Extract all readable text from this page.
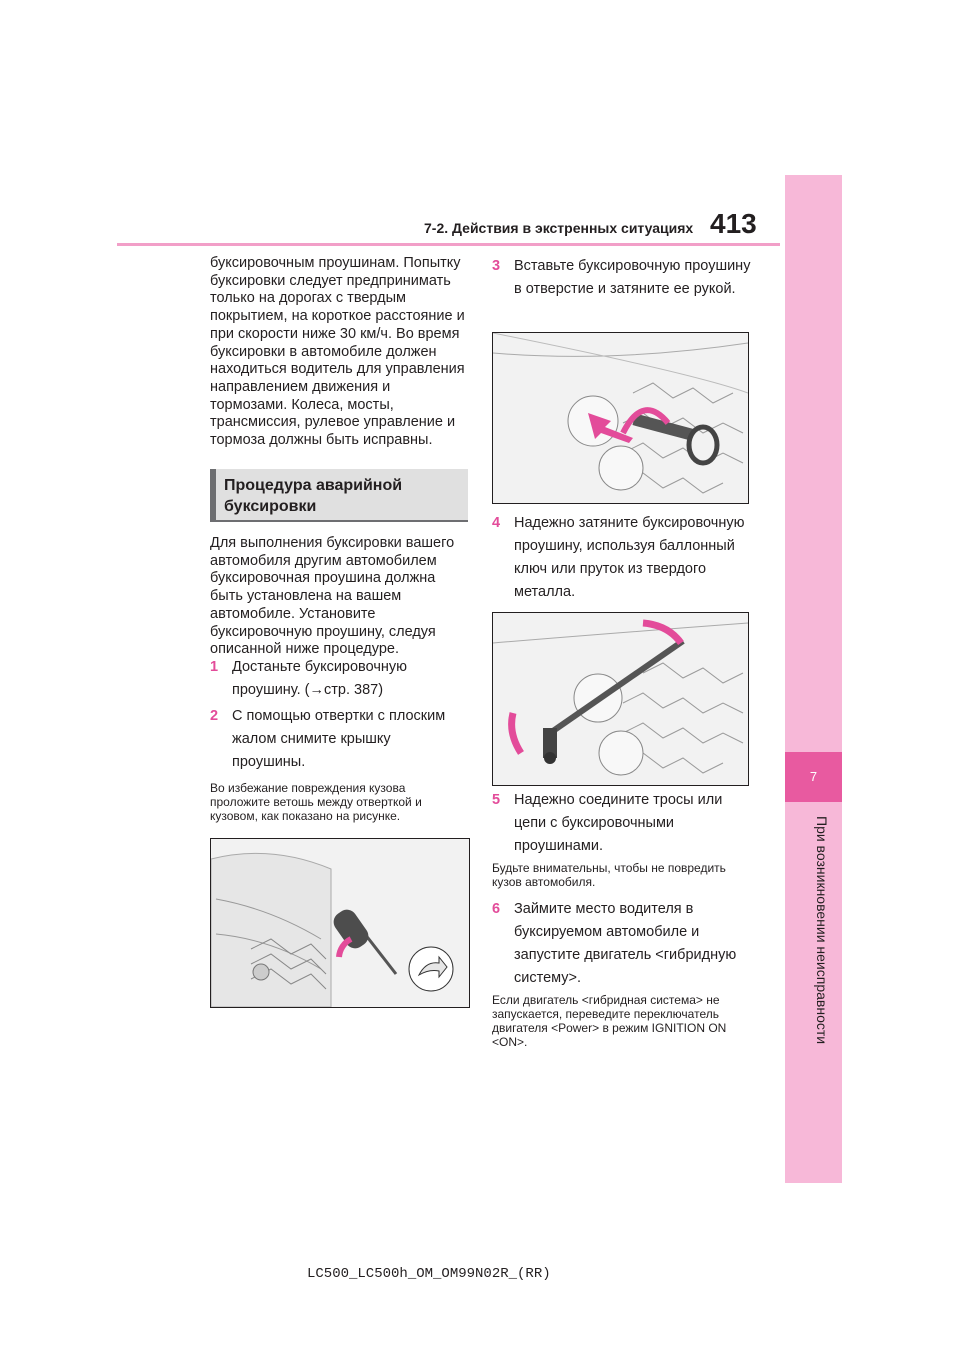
413
7-2. Действия в экстренных ситуациях
7
При возникновении неисправности
буксировочным проушинам. Попытку буксировки следует предпринимать только на дорогах с твердым покрытием, на короткое расстояние и при скорости ниже 30 км/ч. Во время буксировки в автомобиле должен находиться водитель для управления направлением движения и тормозами. Колеса, мосты, трансмиссия, рулевое управление и тормоза должны быть исправны.
Процедура аварийной буксировки
Для выполнения буксировки вашего автомобиля другим автомобилем буксировочная проушина должна быть установлена на вашем автомобиле. Установите буксировочную проушину, следуя описанной ниже процедуре.
1 Достаньте буксировочную проушину. (→стр. 387)
2 С помощью отвертки с плоским жалом снимите крышку проушины.
Во избежание повреждения кузова проложите ветошь между отверткой и кузовом, как показано на рисунке.
3 Вставьте буксировочную проушину в отверстие и затяните ее рукой.
4 Надежно затяните буксировочную проушину, используя баллонный ключ или пруток из твердого металла.
5 Надежно соедините тросы или цепи с буксировочными проушинами.
Будьте внимательны, чтобы не повредить кузов автомобиля.
6 Займите место водителя в буксируемом автомобиле и запустите двигатель <гибридную систему>.
Если двигатель <гибридная система> не запускается, переведите переключатель двигателя <Power> в режим IGNITION ON <ON>.
LC500_LC500h_OM_OM99N02R_(RR)
